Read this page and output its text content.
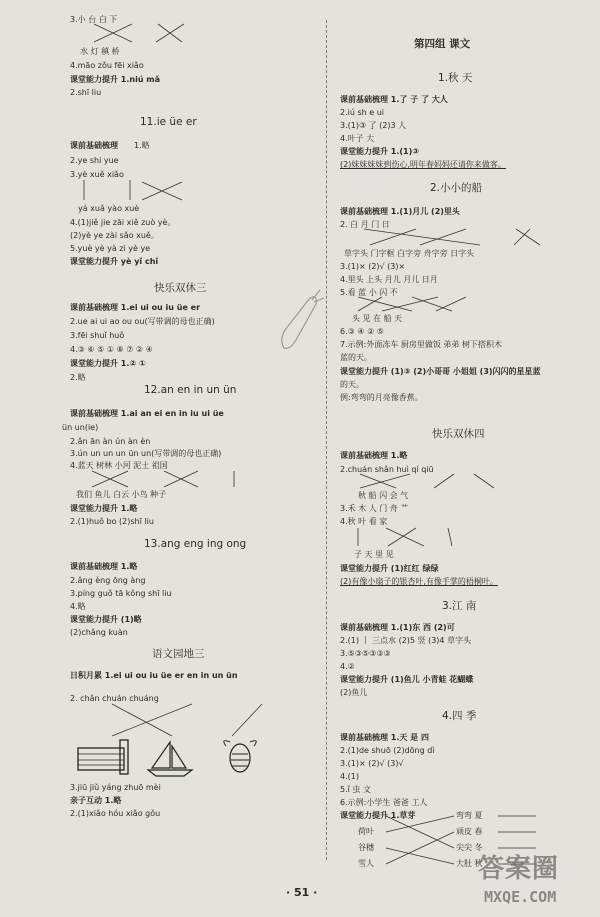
3.小 台 白 下
水 灯 稹 桥
4.māo zǒu fēi xiǎo
课堂能力提升 1.niú mǎ
2.shī liu
11.ie üe er
课前基础梳理 1.略
2.ye shi yue
3.yè xuě xiǎo
yá xuǎ yào xuè
4.(1)jiě jie zāi xiě zuò yè。
(2)yè ye zài sǎo xuě。
5.yuè yè yà zi yè ye
课堂能力提升 yè yǐ chǐ
快乐双休三
课前基础梳理 1.ei ui ou iu üe er
2.ue ai ui ao ou ou(写带调的母也正确)
3.fēi shuǐ huǒ
4.③ ⑥ ⑤ ① ⑧ ⑦ ② ④
课堂能力提升 1.② ①
2.略
12.an en in un ün
课前基础梳理 1.ai an ei en in iu ui üe
ün un(ie)
2.ǎn ān àn ún àn èn
3.ún un un un ün un(写带调的母也正确)
4.蓝天 树林 小河 泥土 祖国
我们 鱼儿 白云 小鸟 种子
课堂能力提升 1.略
2.(1)huǒ bo (2)shī liu
13.ang eng ing ong
课前基础梳理 1.略
2.ǎng èng ōng àng
3.píng guǒ tā kǒng shī liu
4.略
课堂能力提升 (1)略
(2)chǎng kuàn
语文园地三
日积月累 1.ei ui ou iu üe er en in un ün
2. chǎn chuán chuáng
3.jiū jiǔ yáng zhuō mèi
亲子互动 1.略
2.(1)xiǎo hóu xiǎo gǒu
第四组 课文
1.秋 天
课前基础梳理 1.了 子 了 大人
2.iú sh e ui
3.(1)③ 了 (2)3 人
4.叶子 大
课堂能力提升 1.(1)③
(2)妹妹妹妹到伤心,明年春妈妈还请你来做客。
2.小小的船
课前基础梳理 1.(1)月儿 (2)里头
2. 白 月 门 日
草字头 门字框 白字旁 舟字旁 日字头
3.(1)× (2)√ (3)×
4.里头 上头 月儿 月儿 日月
5.看 蓝 小 闪 不
头 见 在 船 天
6.③ ④ ② ⑤
7.示例:外面冻车 厨房里做饭 弟弟 树下搭积木
蓝的天。
课堂能力提升 (1)③ (2)小哥哥 小姐姐 (3)闪闪的星星蓝
的天。
例:弯弯的月亮像香蕉。
快乐双休四
课前基础梳理 1.略
2.chuán shǎn huì qí qiū
秋 船 闪 会 气
3.禾 木 人 门 舟 艹
4.秋 叶 看 家
子 天 里 见
课堂能力提升 (1)红红 绿绿
(2)有像小扇子的银杏叶,有像手掌的梧桐叶。
3.江 南
课前基础梳理 1.(1)东 西 (2)可
2.(1) 丨 三点水 (2)5 竖 (3)4 草字头
3.⑤③⑤③③③
4.②
课堂能力提升 (1)鱼儿 小青蛙 花蝴蝶
(2)鱼儿
4.四 季
课前基础梳理 1.天 是 四
2.(1)de shuō (2)dōng dì
3.(1)× (2)√ (3)√
4.(1)
5.ǐ 虫 文
6.示例:小学生 爸爸 工人
课堂能力提升 1.草芽
荷叶
谷穗
雪人
弯弯 夏
顽皮 春
尖尖 冬
大肚 秋
· 51 ·
答案圈
MXQE.COM
